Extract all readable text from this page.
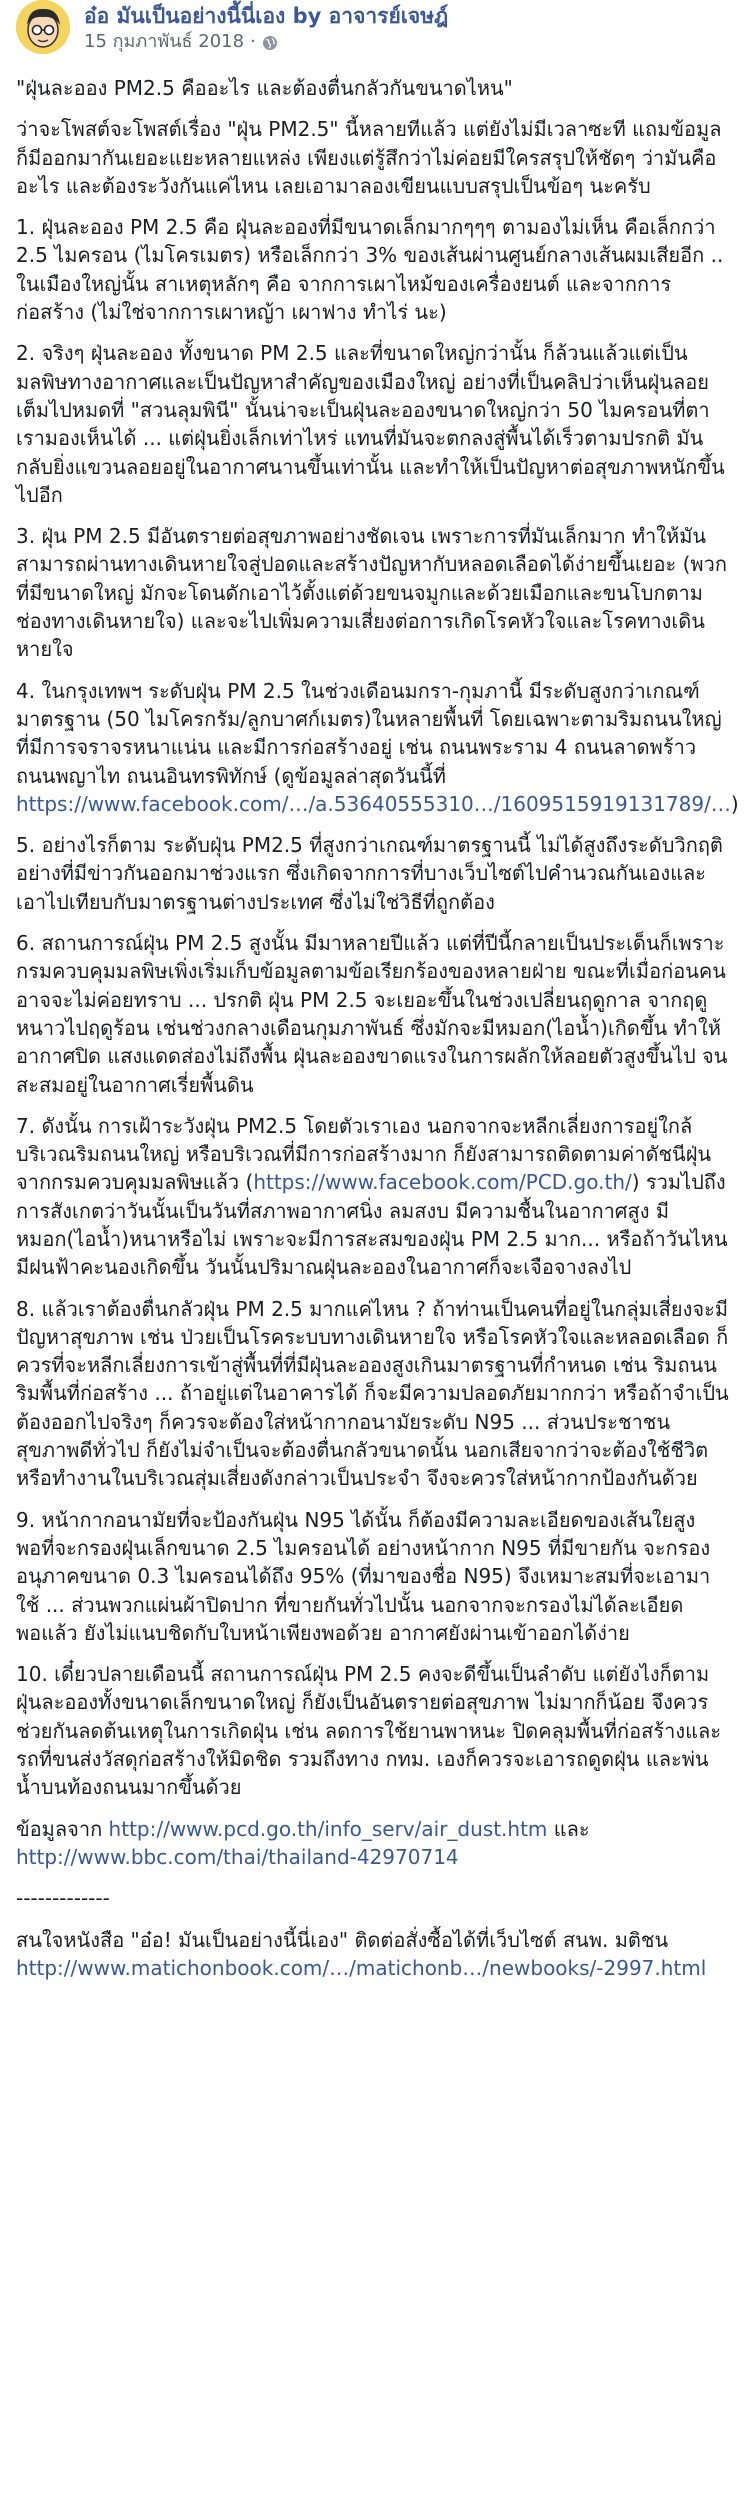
อ๋อ มันเป็นอย่างนี้นี่เอง by อาจารย์เจษฎ์
15 กุมภาพันธ์ 2018 ·

"ฝุ่นละออง PM2.5 คืออะไร และต้องตื่นกลัวกันขนาดไหน"

ว่าจะโพสต์จะโพสต์เรื่อง "ฝุ่น PM2.5" นี้หลายทีแล้ว แต่ยังไม่มีเวลาซะที แถมข้อมูลก็มีออกมากันเยอะแยะหลายแหล่ง เพียงแต่รู้สึกว่าไม่ค่อยมีใครสรุปให้ชัดๆ ว่ามันคืออะไร และต้องระวังกันแค่ไหน เลยเอามาลองเขียนแบบสรุปเป็นข้อๆ นะครับ

1. ฝุ่นละออง PM 2.5 คือ ฝุ่นละอองที่มีขนาดเล็กมากๆๆๆ ตามองไม่เห็น คือเล็กกว่า 2.5 ไมครอน (ไมโครเมตร) หรือเล็กกว่า 3% ของเส้นผ่านศูนย์กลางเส้นผมเสียอีก .. ในเมืองใหญ่นั้น สาเหตุหลักๆ คือ จากการเผาไหม้ของเครื่องยนต์ และจากการก่อสร้าง (ไม่ใช่จากการเผาหญ้า เผาฟาง ทำไร่ นะ)

2. จริงๆ ฝุ่นละออง ทั้งขนาด PM 2.5 และที่ขนาดใหญ่กว่านั้น ก็ล้วนแล้วแต่เป็นมลพิษทางอากาศและเป็นปัญหาสำคัญของเมืองใหญ่ อย่างที่เป็นคลิปว่าเห็นฝุ่นลอยเต็มไปหมดที่ "สวนลุมพินี" นั้นน่าจะเป็นฝุ่นละอองขนาดใหญ่กว่า 50 ไมครอนที่ตาเรามองเห็นได้ ... แต่ฝุ่นยิ่งเล็กเท่าไหร่ แทนที่มันจะตกลงสู่พื้นได้เร็วตามปรกติ มันกลับยิ่งแขวนลอยอยู่ในอากาศนานขึ้นเท่านั้น และทำให้เป็นปัญหาต่อสุขภาพหนักขึ้นไปอีก

3. ฝุ่น PM 2.5 มีอันตรายต่อสุขภาพอย่างชัดเจน เพราะการที่มันเล็กมาก ทำให้มันสามารถผ่านทางเดินหายใจสู่ปอดและสร้างปัญหากับหลอดเลือดได้ง่ายขึ้นเยอะ (พวกที่มีขนาดใหญ่ มักจะโดนดักเอาไว้ตั้งแต่ด้วยขนจมูกและด้วยเมือกและขนโบกตามช่องทางเดินหายใจ) และจะไปเพิ่มความเสี่ยงต่อการเกิดโรคหัวใจและโรคทางเดินหายใจ

4. ในกรุงเทพฯ ระดับฝุ่น PM 2.5 ในช่วงเดือนมกรา-กุมภานี้ มีระดับสูงกว่าเกณฑ์มาตรฐาน (50 ไมโครกรัม/ลูกบาศก์เมตร)ในหลายพื้นที่ โดยเฉพาะตามริมถนนใหญ่ที่มีการจราจรหนาแน่น และมีการก่อสร้างอยู่ เช่น ถนนพระราม 4 ถนนลาดพร้าว ถนนพญาไท ถนนอินทรพิทักษ์ (ดูข้อมูลล่าสุดวันนี้ที่ https://www.facebook.com/…/a.53640555310…/1609515919131789/…)

5. อย่างไรก็ตาม ระดับฝุ่น PM2.5 ที่สูงกว่าเกณฑ์มาตรฐานนี้ ไม่ได้สูงถึงระดับวิกฤติ อย่างที่มีข่าวกันออกมาช่วงแรก ซึ่งเกิดจากการที่บางเว็บไซต์ไปคำนวณกันเองและเอาไปเทียบกับมาตรฐานต่างประเทศ ซึ่งไม่ใช่วิธีที่ถูกต้อง

6. สถานการณ์ฝุ่น PM 2.5 สูงนั้น มีมาหลายปีแล้ว แต่ที่ปีนี้กลายเป็นประเด็นก็เพราะกรมควบคุมมลพิษเพิ่งเริ่มเก็บข้อมูลตามข้อเรียกร้องของหลายฝ่าย ขณะที่เมื่อก่อนคนอาจจะไม่ค่อยทราบ ... ปรกติ ฝุ่น PM 2.5 จะเยอะขึ้นในช่วงเปลี่ยนฤดูกาล จากฤดูหนาวไปฤดูร้อน เช่นช่วงกลางเดือนกุมภาพันธ์ ซึ่งมักจะมีหมอก(ไอน้ำ)เกิดขึ้น ทำให้อากาศปิด แสงแดดส่องไม่ถึงพื้น ฝุ่นละอองขาดแรงในการผลักให้ลอยตัวสูงขึ้นไป จนสะสมอยู่ในอากาศเรี่ยพื้นดิน

7. ดังนั้น การเฝ้าระวังฝุ่น PM2.5 โดยตัวเราเอง นอกจากจะหลีกเลี่ยงการอยู่ใกล้บริเวณริมถนนใหญ่ หรือบริเวณที่มีการก่อสร้างมาก ก็ยังสามารถติดตามค่าดัชนีฝุ่นจากกรมควบคุมมลพิษแล้ว (https://www.facebook.com/PCD.go.th/) รวมไปถึงการสังเกตว่าวันนั้นเป็นวันที่สภาพอากาศนิ่ง ลมสงบ มีความชื้นในอากาศสูง มีหมอก(ไอน้ำ)หนาหรือไม่ เพราะจะมีการสะสมของฝุ่น PM 2.5 มาก... หรือถ้าวันไหนมีฝนฟ้าคะนองเกิดขึ้น วันนั้นปริมาณฝุ่นละอองในอากาศก็จะเจือจางลงไป

8. แล้วเราต้องตื่นกลัวฝุ่น PM 2.5 มากแค่ไหน ? ถ้าท่านเป็นคนที่อยู่ในกลุ่มเสี่ยงจะมีปัญหาสุขภาพ เช่น ป่วยเป็นโรคระบบทางเดินหายใจ หรือโรคหัวใจและหลอดเลือด ก็ควรที่จะหลีกเลี่ยงการเข้าสู่พื้นที่ที่มีฝุ่นละอองสูงเกินมาตรฐานที่กำหนด เช่น ริมถนน ริมพื้นที่ก่อสร้าง ... ถ้าอยู่แต่ในอาคารได้ ก็จะมีความปลอดภัยมากกว่า หรือถ้าจำเป็นต้องออกไปจริงๆ ก็ควรจะต้องใส่หน้ากากอนามัยระดับ N95 ... ส่วนประชาชนสุขภาพดีทั่วไป ก็ยังไม่จำเป็นจะต้องตื่นกลัวขนาดนั้น นอกเสียจากว่าจะต้องใช้ชีวิตหรือทำงานในบริเวณสุ่มเสี่ยงดังกล่าวเป็นประจำ จึงจะควรใส่หน้ากากป้องกันด้วย

9. หน้ากากอนามัยที่จะป้องกันฝุ่น N95 ได้นั้น ก็ต้องมีความละเอียดของเส้นใยสูงพอที่จะกรองฝุ่นเล็กขนาด 2.5 ไมครอนได้ อย่างหน้ากาก N95 ที่มีขายกัน จะกรองอนุภาคขนาด 0.3 ไมครอนได้ถึง 95% (ที่มาของชื่อ N95) จึงเหมาะสมที่จะเอามาใช้ ... ส่วนพวกแผ่นผ้าปิดปาก ที่ขายกันทั่วไปนั้น นอกจากจะกรองไม่ได้ละเอียดพอแล้ว ยังไม่แนบชิดกับใบหน้าเพียงพอด้วย อากาศยังผ่านเข้าออกได้ง่าย

10. เดี๋ยวปลายเดือนนี้ สถานการณ์ฝุ่น PM 2.5 คงจะดีขึ้นเป็นลำดับ แต่ยังไงก็ตาม ฝุ่นละอองทั้งขนาดเล็กขนาดใหญ่ ก็ยังเป็นอันตรายต่อสุขภาพ ไม่มากก็น้อย จึงควรช่วยกันลดต้นเหตุในการเกิดฝุ่น เช่น ลดการใช้ยานพาหนะ ปิดคลุมพื้นที่ก่อสร้างและรถที่ขนส่งวัสดุก่อสร้างให้มิดชิด รวมถึงทาง กทม. เองก็ควรจะเอารถดูดฝุ่น และพ่นน้ำบนท้องถนนมากขึ้นด้วย

ข้อมูลจาก http://www.pcd.go.th/info_serv/air_dust.htm และ
http://www.bbc.com/thai/thailand-42970714

-------------

สนใจหนังสือ "อ๋อ! มันเป็นอย่างนี้นี่เอง" ติดต่อสั่งซื้อได้ที่เว็บไซต์ สนพ. มติชน http://www.matichonbook.com/…/matichonb…/newbooks/-2997.html
